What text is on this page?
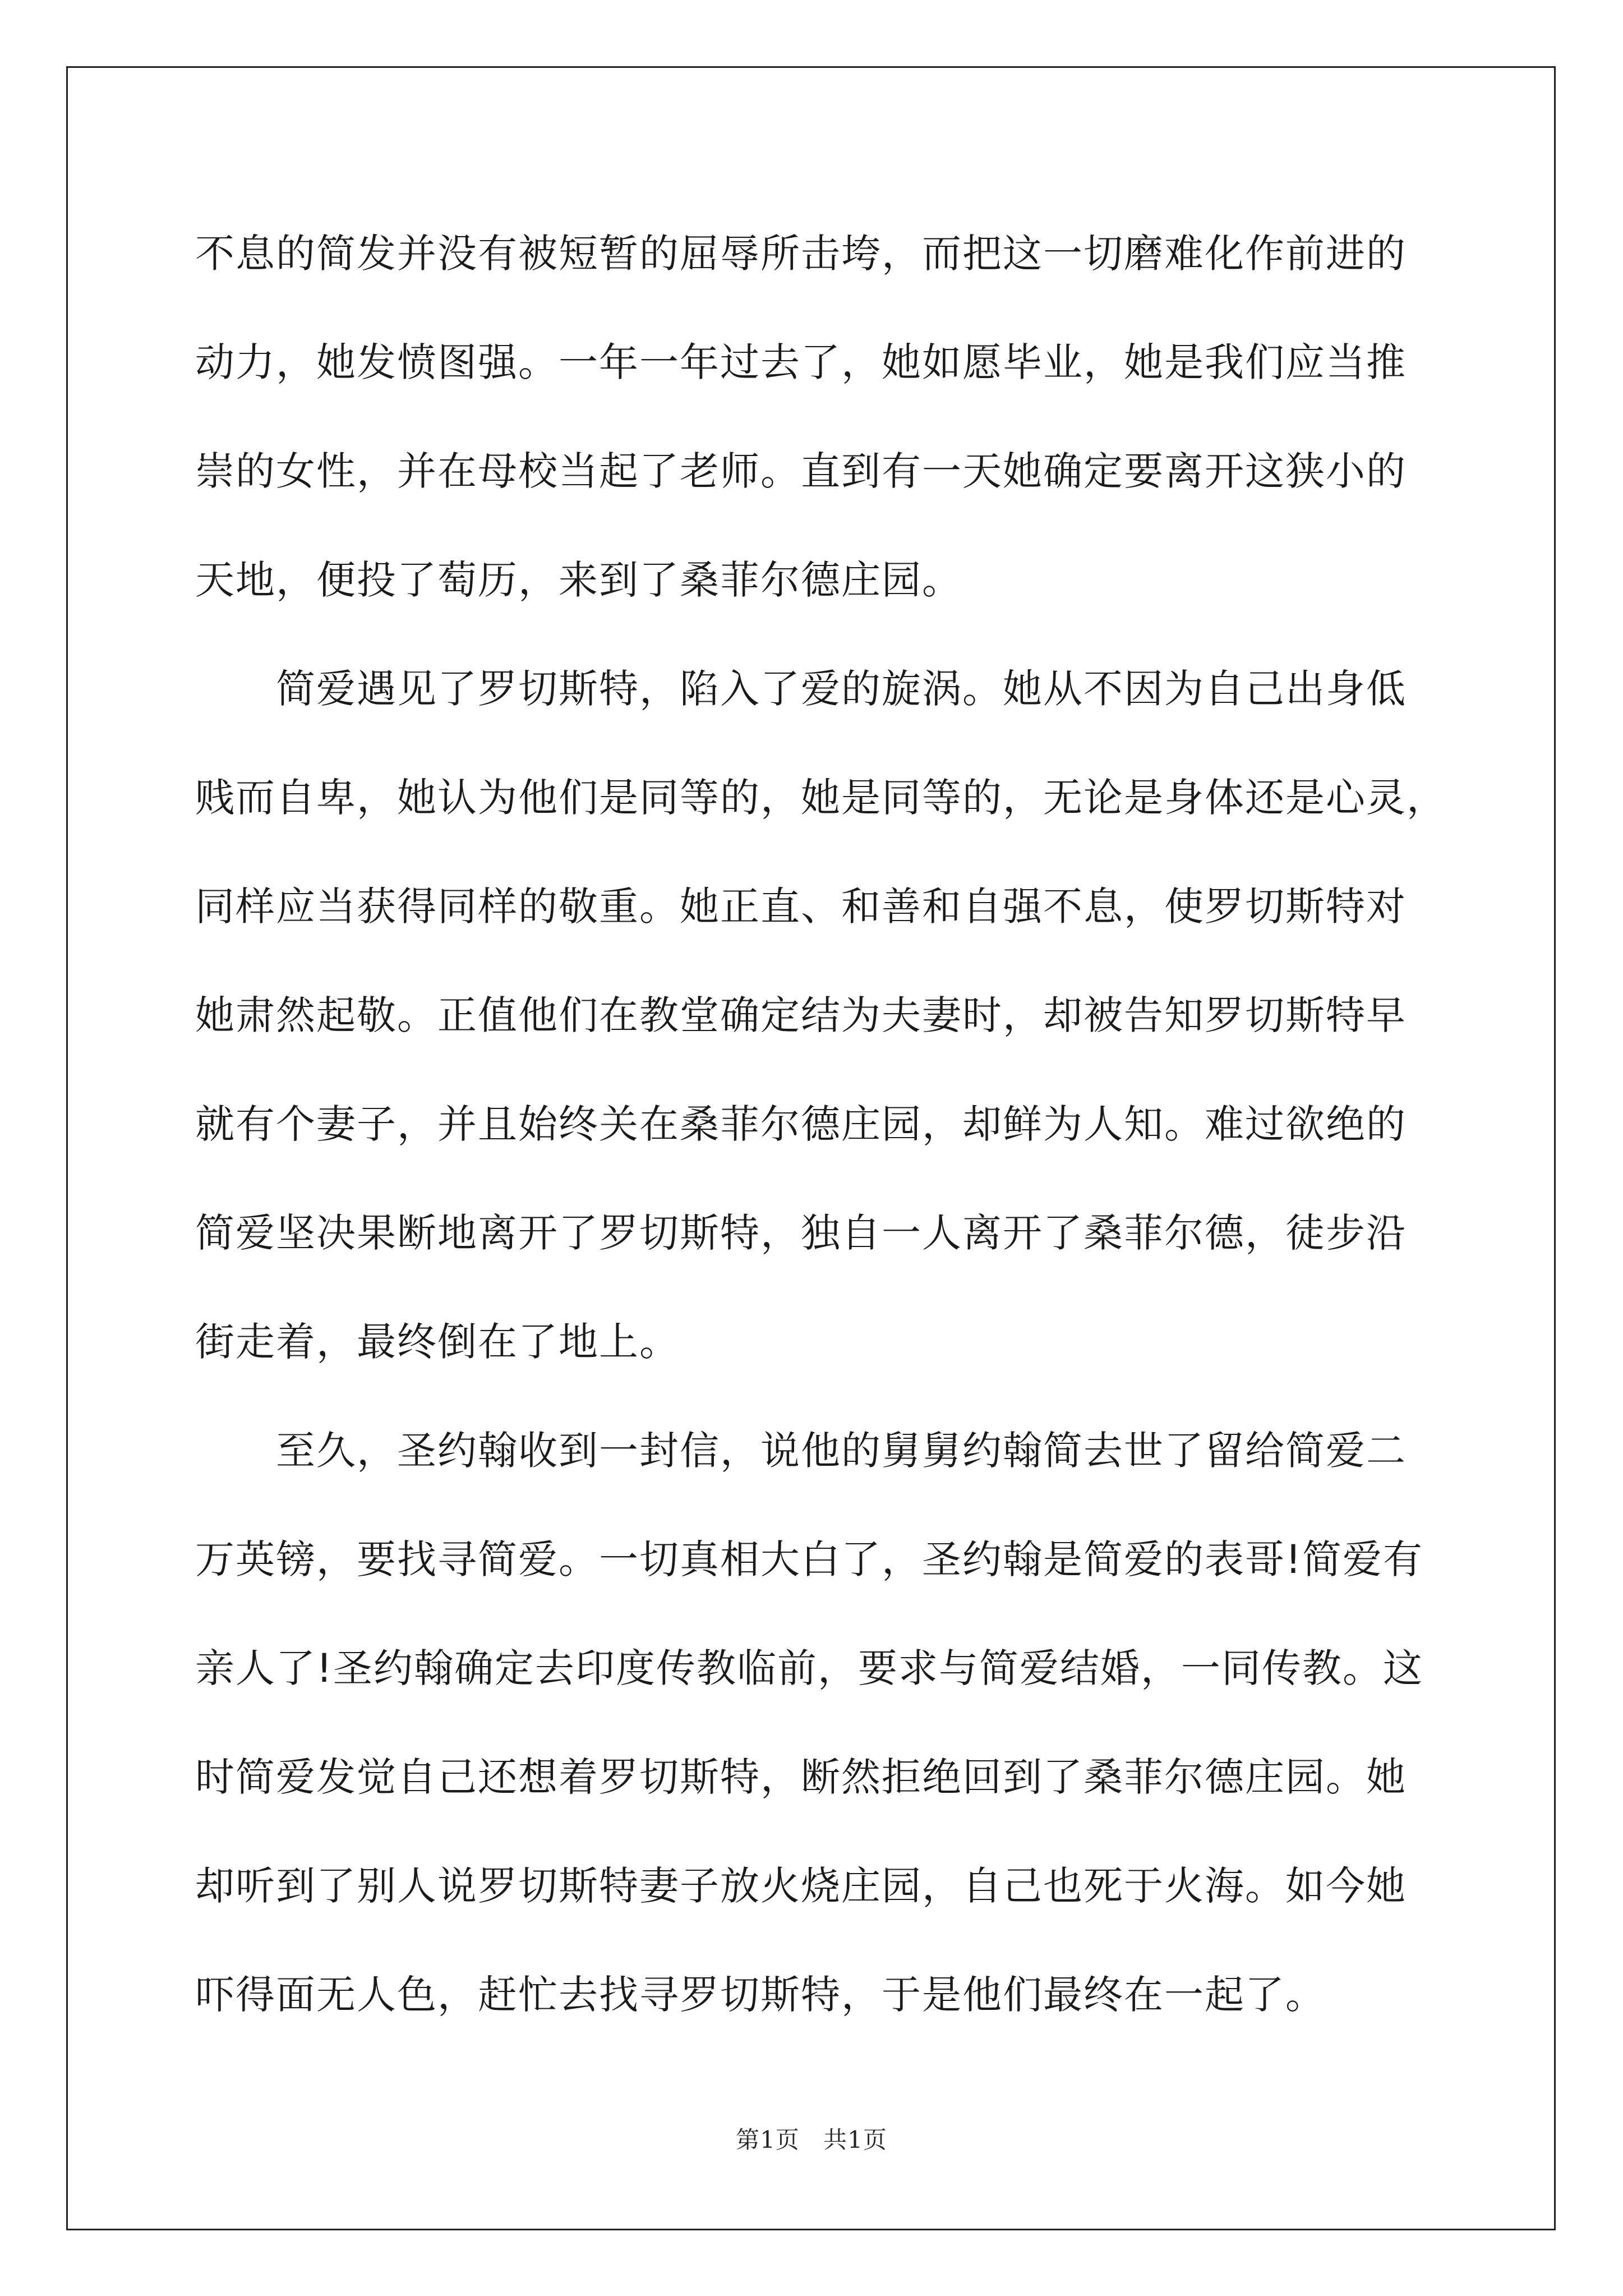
不息的简发并没有被短暂的屈辱所击垮，而把这一切磨难化作前进的
动力，她发愤图强。一年一年过去了，她如愿毕业，她是我们应当推
崇的女性，并在母校当起了老师。直到有一天她确定要离开这狭小的
天地，便投了萄历，来到了桑菲尔德庄园。
　　简爱遇见了罗切斯特，陷入了爱的旋涡。她从不因为自己出身低
贱而自卑，她认为他们是同等的，她是同等的，无论是身体还是心灵，
同样应当获得同样的敬重。她正直、和善和自强不息，使罗切斯特对
她肃然起敬。正值他们在教堂确定结为夫妻时，却被告知罗切斯特早
就有个妻子，并且始终关在桑菲尔德庄园，却鲜为人知。难过欲绝的
简爱坚决果断地离开了罗切斯特，独自一人离开了桑菲尔德，徒步沿
街走着，最终倒在了地上。
　　至久，圣约翰收到一封信，说他的舅舅约翰简去世了留给简爱二
万英镑，要找寻简爱。一切真相大白了，圣约翰是简爱的表哥!简爱有
亲人了!圣约翰确定去印度传教临前，要求与简爱结婚，一同传教。这
时简爱发觉自己还想着罗切斯特，断然拒绝回到了桑菲尔德庄园。她
却听到了别人说罗切斯特妻子放火烧庄园，自己也死于火海。如今她
吓得面无人色，赶忙去找寻罗切斯特，于是他们最终在一起了。
第1页 共1页
